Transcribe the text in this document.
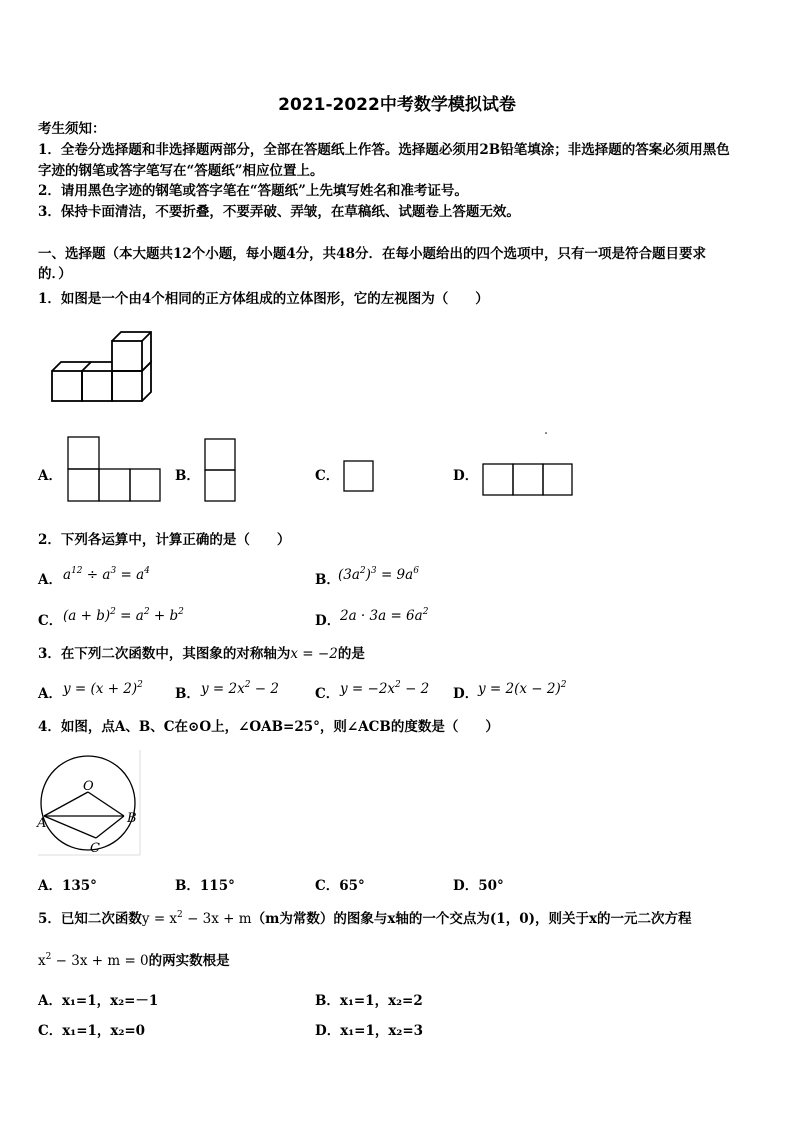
2021-2022中考数学模拟试卷
考生须知：
1．全卷分选择题和非选择题两部分，全部在答题纸上作答。选择题必须用2B铅笔填涂；非选择题的答案必须用黑色
字迹的钢笔或答字笔写在“答题纸”相应位置上。
2．请用黑色字迹的钢笔或答字笔在“答题纸”上先填写姓名和准考证号。
3．保持卡面清洁，不要折叠，不要弄破、弄皱，在草稿纸、试题卷上答题无效。
一、选择题（本大题共12个小题，每小题4分，共48分．在每小题给出的四个选项中，只有一项是符合题目要求
的．）
1．如图是一个由4个相同的正方体组成的立体图形，它的左视图为（　　）
A．	B．	C．	D．
2．下列各运算中，计算正确的是（　　）
A． $a^{12} \div a^3 = a^4$
B．
$(3a^2)^3 = 9a^6$
C． $(a + b)^2 = a^2 + b^2$
D． $2a \cdot 3a = 6a^2$
3．在下列二次函数中，其图象的对称轴为x = −2的是
A． $y = (x + 2)^2$
B． $y = 2x^2 - 2$	C． $y = -2x^2 - 2$ D． $y = 2(x - 2)^2$
4．如图，点A、B、C在⊙O上，∠OAB=25°，则∠ACB的度数是（　　）
O
A	B
C
A．135°	B．115°	C．65°	D．50°
5．已知二次函数$y = x^2 - 3x + m(m$为常数）的图象与x轴的一个交点为(1，0)，则关于x的一元二次方程
$x^2 - 3x + m = 0$的两实数根是
A．x₁=1，x₂=－1	B．x₁=1，x₂=2
C．x₁=1，x₂=0	D．x₁=1，x₂=3
